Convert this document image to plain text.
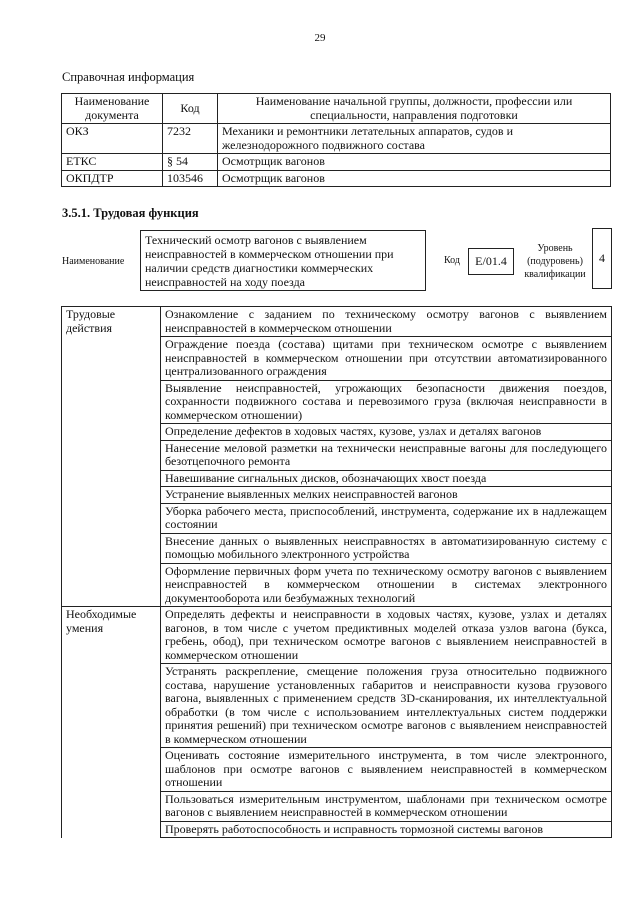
29
Справочная информация
Наименование документа	Код	Наименование начальной группы, должности, профессии или специальности, направления подготовки
ОКЗ	7232	Механики и ремонтники летательных аппаратов, судов и железнодорожного подвижного состава
ЕТКС	§ 54	Осмотрщик вагонов
ОКПДТР	103546	Осмотрщик вагонов
3.5.1. Трудовая функция
Наименование
Технический осмотр вагонов с выявлением неисправностей в коммерческом отношении при наличии средств диагностики коммерческих неисправностей на ходу поезда
Код	E/01.4
Уровень (подуровень) квалификации
4
Трудовые действия	Ознакомление с заданием по техническому осмотру вагонов с выявлением неисправностей в коммерческом отношении
	Ограждение поезда (состава) щитами при техническом осмотре с выявлением неисправностей в коммерческом отношении при отсутствии автоматизированного централизованного ограждения
	Выявление неисправностей, угрожающих безопасности движения поездов, сохранности подвижного состава и перевозимого груза (включая неисправности в коммерческом отношении)
	Определение дефектов в ходовых частях, кузове, узлах и деталях вагонов
	Нанесение меловой разметки на технически неисправные вагоны для последующего безотцепочного ремонта
	Навешивание сигнальных дисков, обозначающих хвост поезда
	Устранение выявленных мелких неисправностей вагонов
	Уборка рабочего места, приспособлений, инструмента, содержание их в надлежащем состоянии
	Внесение данных о выявленных неисправностях в автоматизированную систему с помощью мобильного электронного устройства
	Оформление первичных форм учета по техническому осмотру вагонов с выявлением неисправностей в коммерческом отношении в системах электронного документооборота или безбумажных технологий
Необходимые умения	Определять дефекты и неисправности в ходовых частях, кузове, узлах и деталях вагонов, в том числе с учетом предиктивных моделей отказа узлов вагона (букса, гребень, обод), при техническом осмотре вагонов с выявлением неисправностей в коммерческом отношении
	Устранять раскрепление, смещение положения груза относительно подвижного состава, нарушение установленных габаритов и неисправности кузова грузового вагона, выявленных с применением средств 3D-сканирования, их интеллектуальной обработки (в том числе с использованием интеллектуальных систем поддержки принятия решений) при техническом осмотре вагонов с выявлением неисправностей в коммерческом отношении
	Оценивать состояние измерительного инструмента, в том числе электронного, шаблонов при осмотре вагонов с выявлением неисправностей в коммерческом отношении
	Пользоваться измерительным инструментом, шаблонами при техническом осмотре вагонов с выявлением неисправностей в коммерческом отношении
	Проверять работоспособность и исправность тормозной системы вагонов
